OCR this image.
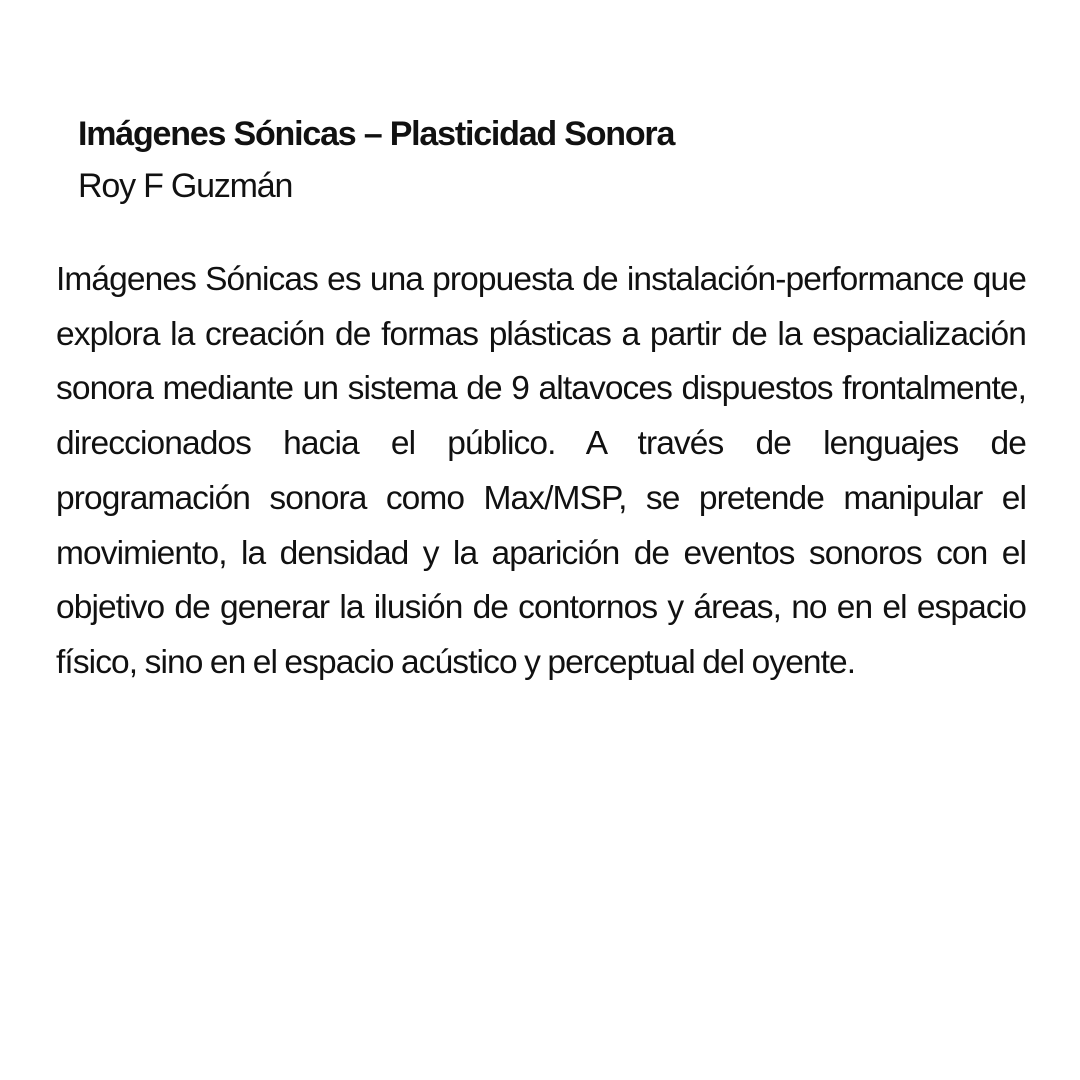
Imágenes Sónicas – Plasticidad Sonora

Roy F Guzmán

Imágenes Sónicas es una propuesta de instalación-performance que explora la creación de formas plásticas a partir de la espacialización sonora mediante un sistema de 9 altavoces dispuestos frontalmente, direccionados hacia el público. A través de lenguajes de programación sonora como Max/MSP, se pretende manipular el movimiento, la densidad y la aparición de eventos sonoros con el objetivo de generar la ilusión de contornos y áreas, no en el espacio físico, sino en el espacio acústico y perceptual del oyente.
